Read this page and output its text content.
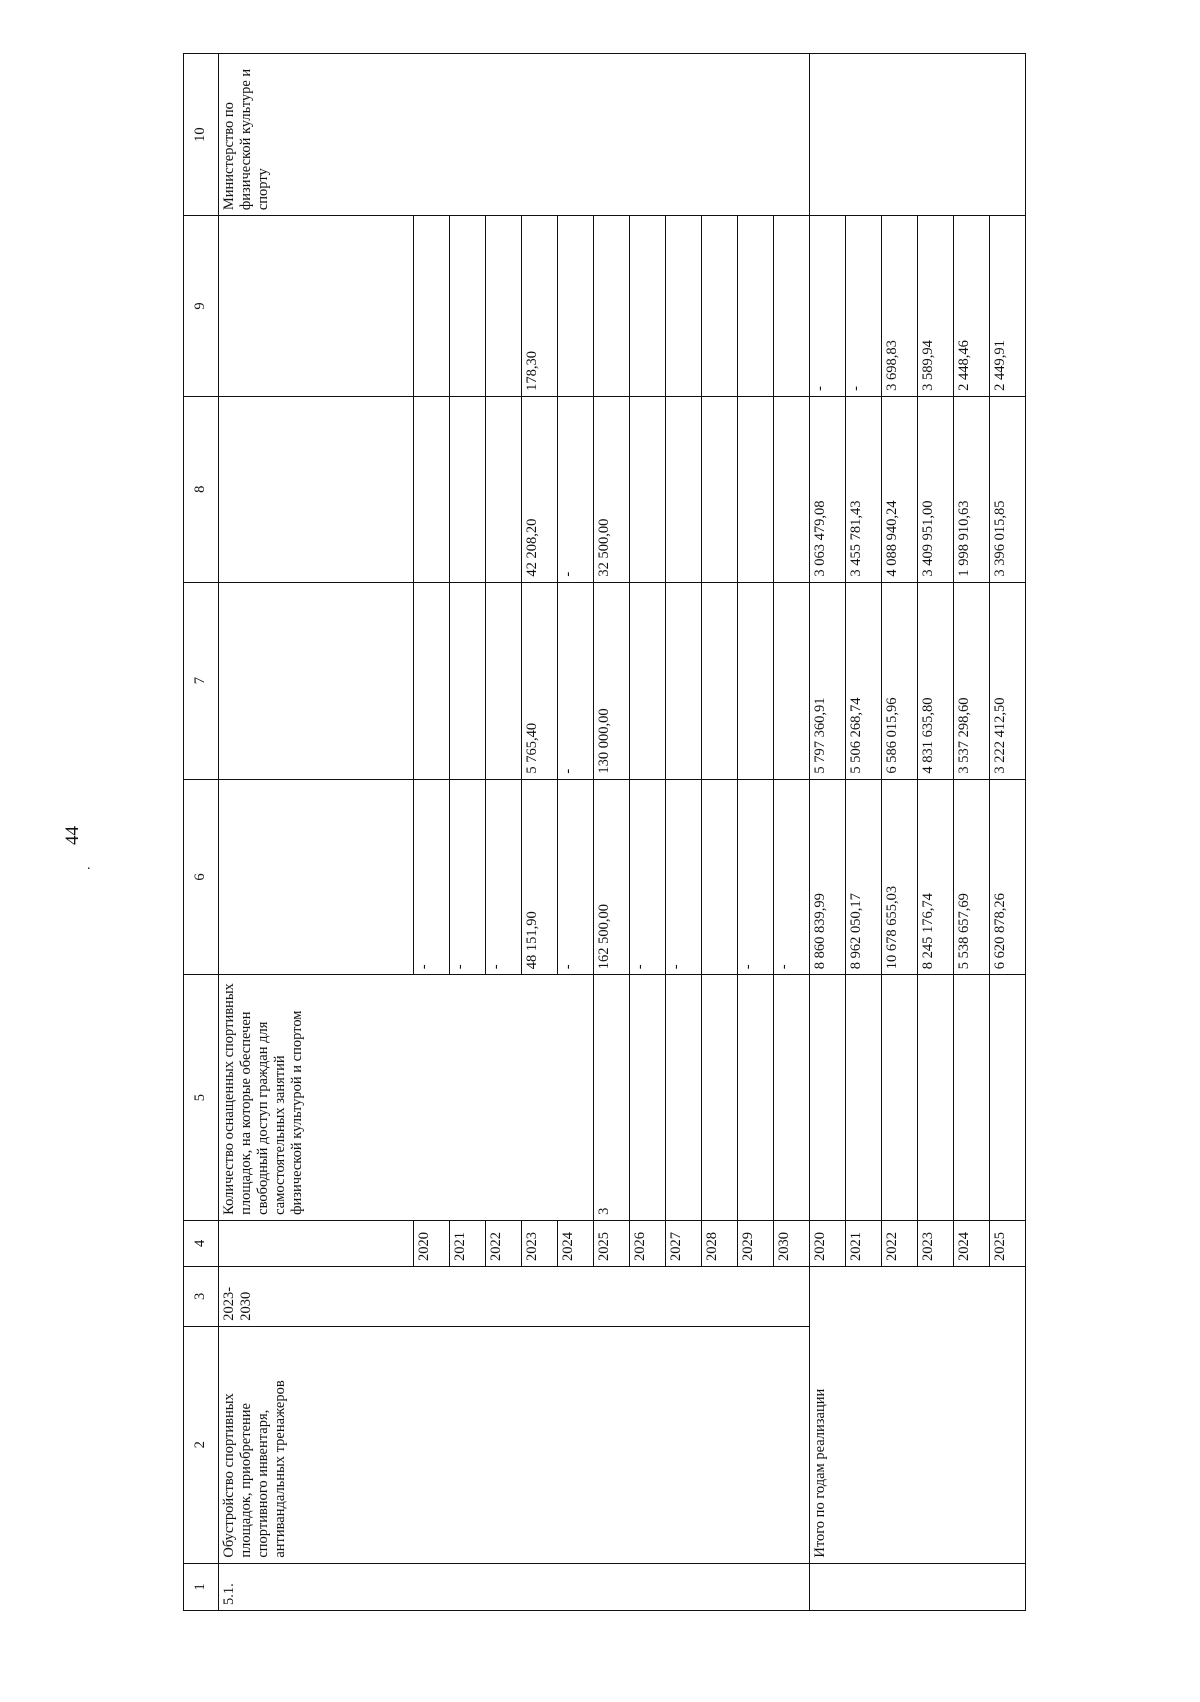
44
.
1	2	3	4	5	6	7	8	9	10
5.1.	Обустройство спортивных площадок, приобретение спортивного инвентаря, антивандальных тренажеров	2023-2030		Количество оснащенных спортивных площадок, на которые обеспечен свободный доступ граждан для самостоятельных занятий физической культурой и спортом					Министерство по физической культуре и спорту
			2020		-				
			2021		-				
			2022		-				
			2023		48 151,90	5 765,40	42 208,20	178,30	
			2024		-	-	-		
			2025	3	162 500,00	130 000,00	32 500,00		
			2026		-				
			2027		-				
			2028						
			2029		-				
			2030		-				
	Итого по годам реализации		2020		8 860 839,99	5 797 360,91	3 063 479,08	-	
			2021		8 962 050,17	5 506 268,74	3 455 781,43	-	
			2022		10 678 655,03	6 586 015,96	4 088 940,24	3 698,83	
			2023		8 245 176,74	4 831 635,80	3 409 951,00	3 589,94	
			2024		5 538 657,69	3 537 298,60	1 998 910,63	2 448,46	
			2025		6 620 878,26	3 222 412,50	3 396 015,85	2 449,91	
